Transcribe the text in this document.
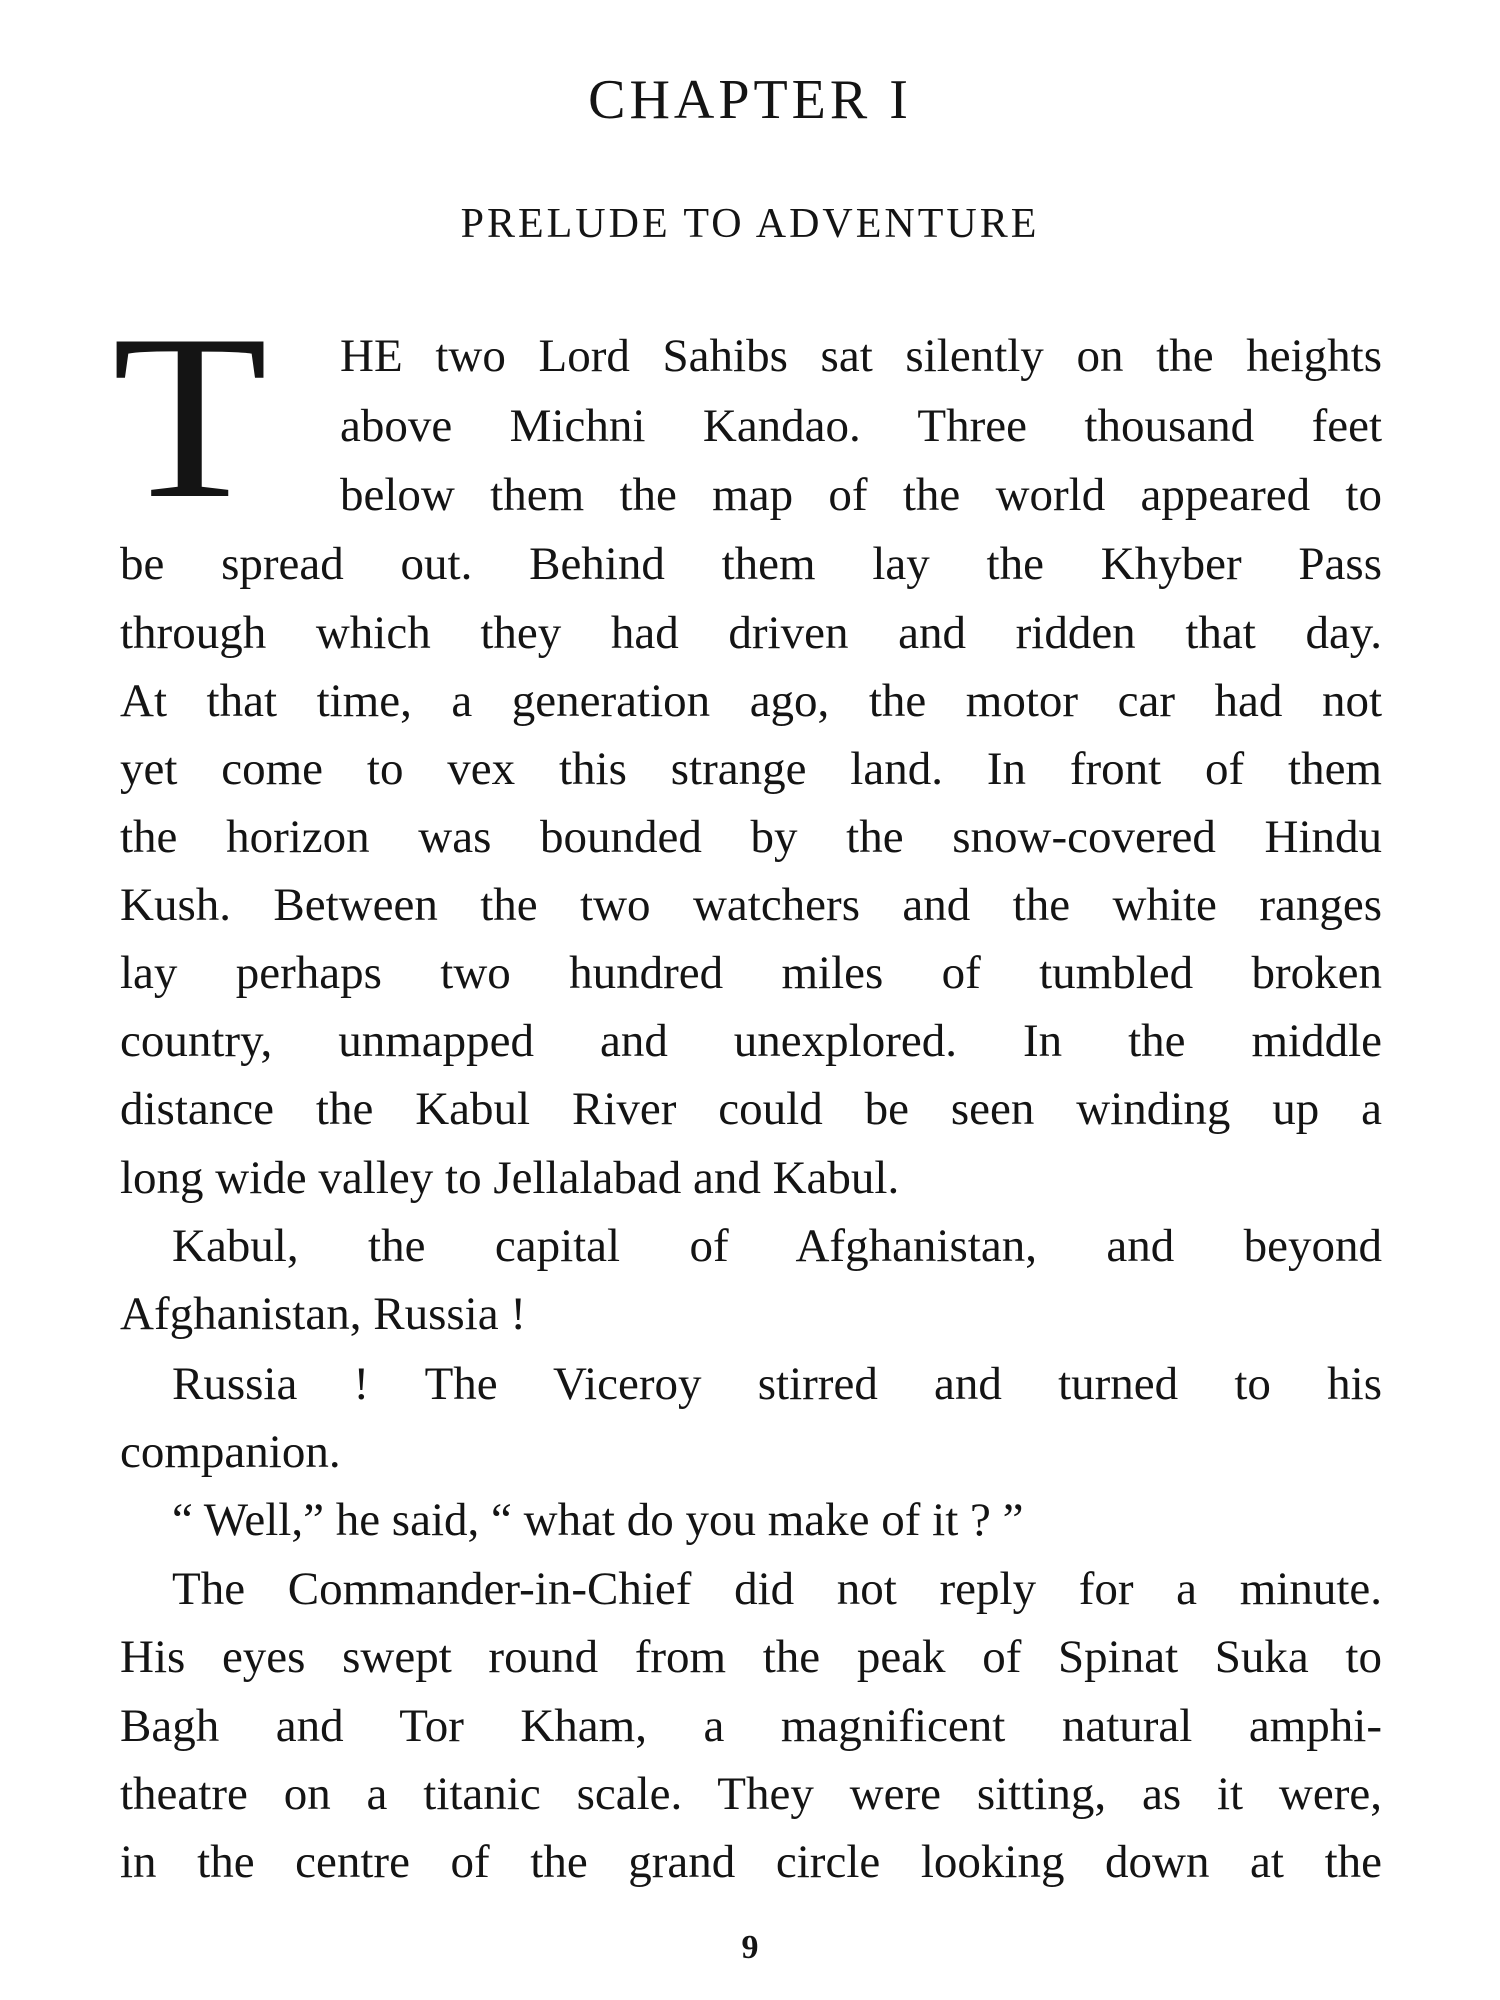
CHAPTER I
PRELUDE TO ADVENTURE
T HE two Lord Sahibs sat silently on the heights
above Michni Kandao. Three thousand feet
below them the map of the world appeared to
be spread out. Behind them lay the Khyber Pass
through which they had driven and ridden that day.
At that time, a generation ago, the motor car had not
yet come to vex this strange land. In front of them
the horizon was bounded by the snow-covered Hindu
Kush. Between the two watchers and the white ranges
lay perhaps two hundred miles of tumbled broken
country, unmapped and unexplored. In the middle
distance the Kabul River could be seen winding up a
long wide valley to Jellalabad and Kabul.
Kabul, the capital of Afghanistan, and beyond
Afghanistan, Russia !
Russia ! The Viceroy stirred and turned to his
companion.
“ Well,” he said, “ what do you make of it ? ”
The Commander-in-Chief did not reply for a minute.
His eyes swept round from the peak of Spinat Suka to
Bagh and Tor Kham, a magnificent natural amphi-
theatre on a titanic scale. They were sitting, as it were,
in the centre of the grand circle looking down at the
9
